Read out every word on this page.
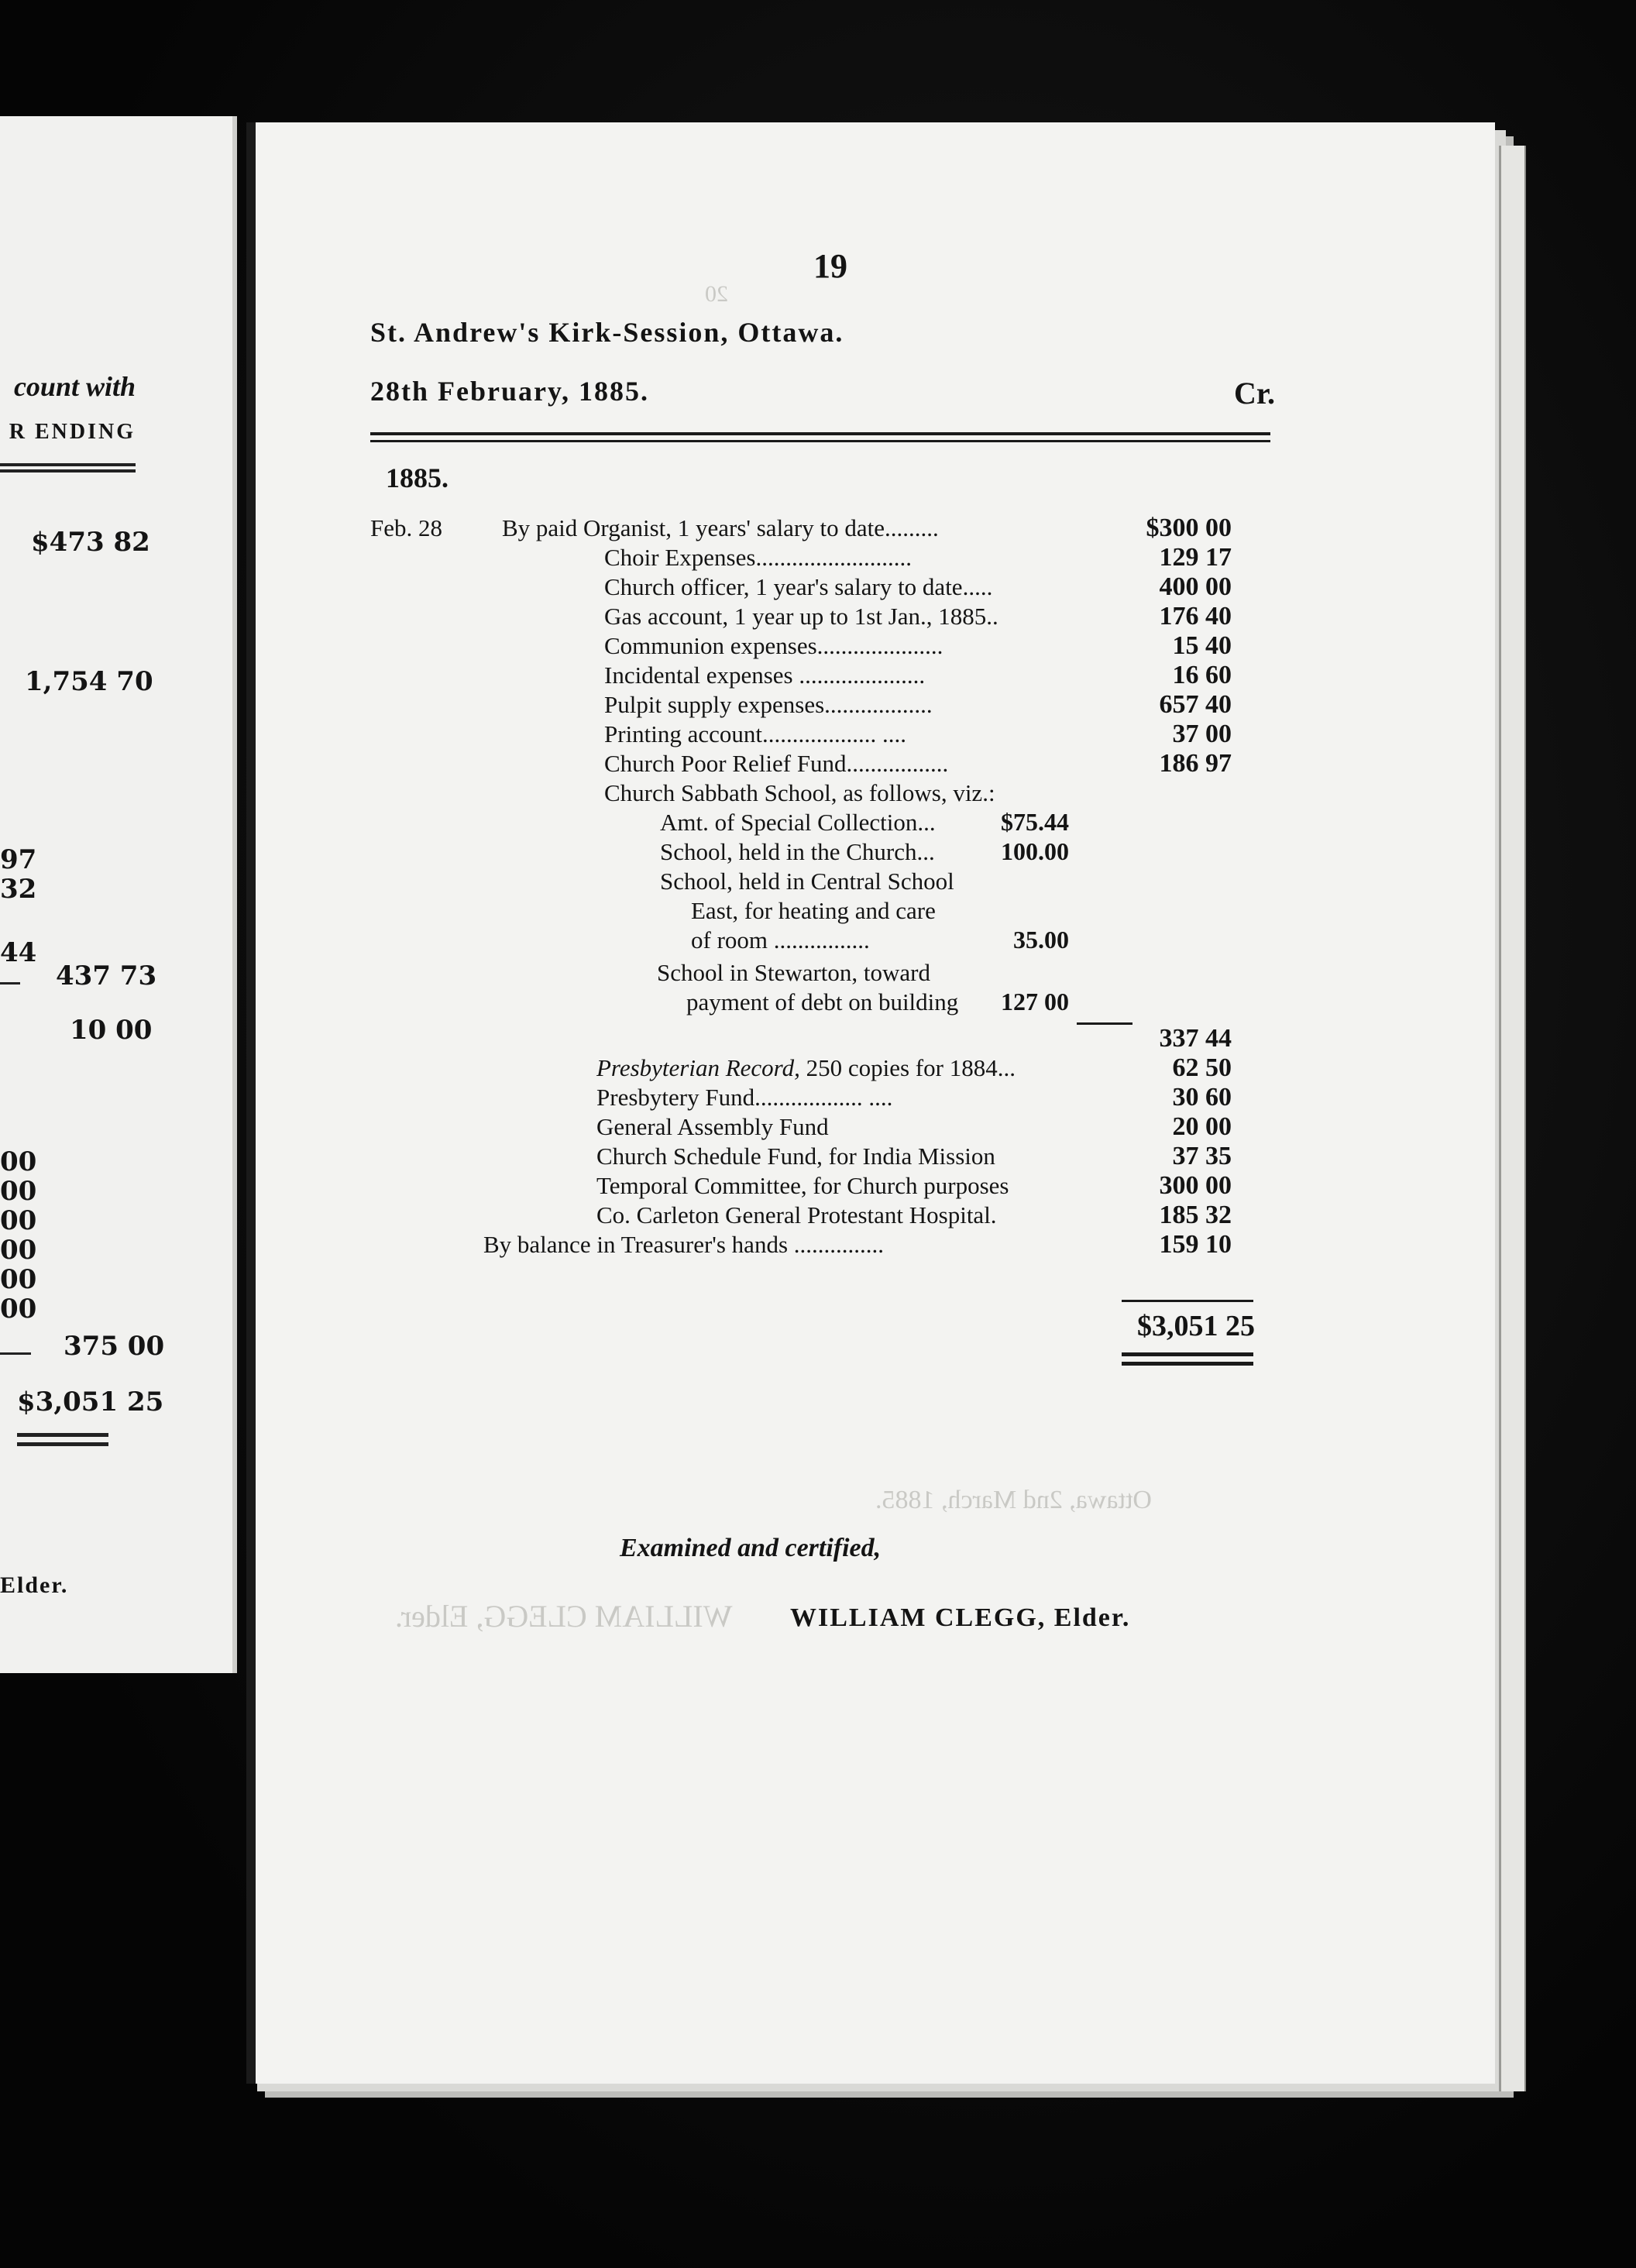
count with
R ENDING
$473 82
1,754 70
97
32
44
437 73
10 00
00
00
00
00
00
00
375 00
$3,051 25
Elder.
20
Ottawa, 2nd March, 1885.
WILLIAM CLEGG, Elder.
19
St. Andrew's Kirk-Session, Ottawa.
28th February, 1885.	Cr.
1885.
Feb. 28 By paid Organist, 1 years' salary to date.........	$300 00
Choir Expenses..........................	129 17
Church officer, 1 year's salary to date.....	400 00
Gas account, 1 year up to 1st Jan., 1885..	176 40
Communion expenses.....................	15 40
Incidental expenses .....................	16 60
Pulpit supply expenses..................	657 40
Printing account................... ....	37 00
Church Poor Relief Fund.................	186 97
Church Sabbath School, as follows, viz.:
Amt. of Special Collection...	$75.44
School, held in the Church...	100.00
School, held in Central School
East, for heating and care
of room ................	35.00
School in Stewarton, toward
payment of debt on building	127 00
337 44
Presbyterian Record, 250 copies for 1884...	62 50
Presbytery Fund.................. ....	30 60
General Assembly Fund	20 00
Church Schedule Fund, for India Mission	37 35
Temporal Committee, for Church purposes	300 00
Co. Carleton General Protestant Hospital.	185 32
By balance in Treasurer's hands ...............	159 10
$3,051 25
Examined and certified,
WILLIAM CLEGG, Elder.
